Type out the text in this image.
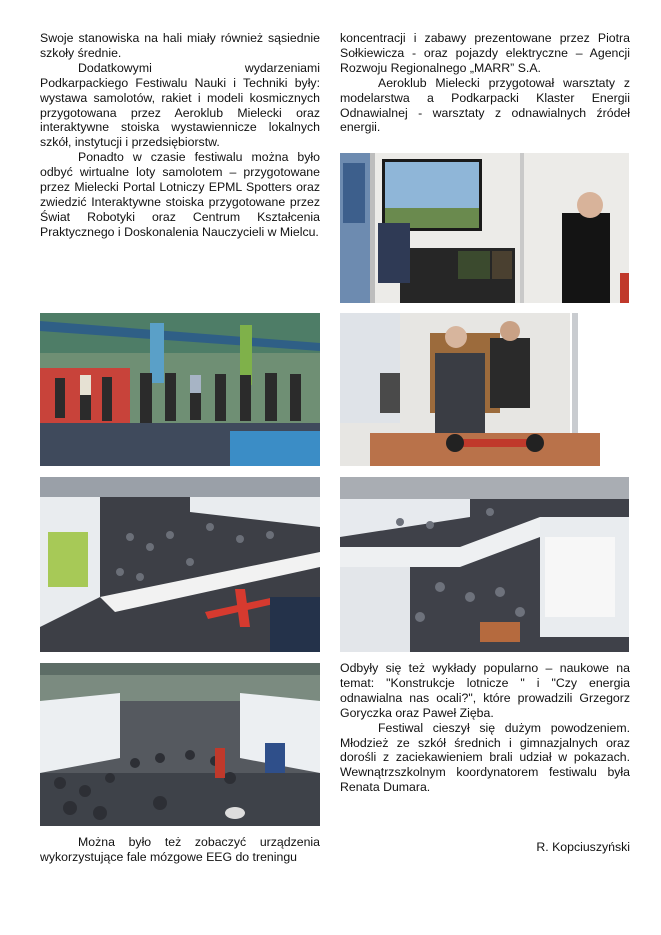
Swoje stanowiska na hali miały również sąsiednie szkoły średnie.

Dodatkowymi wydarzeniami Podkarpackiego Festiwalu Nauki i Techniki były: wystawa samolotów, rakiet i modeli kosmicznych przygotowana przez Aeroklub Mielecki oraz interaktywne stoiska wystawiennicze lokalnych szkół, instytucji i przedsiębiorstw.

Ponadto w czasie festiwalu można było odbyć wirtualne loty samolotem – przygotowane przez Mielecki Portal Lotniczy EPML Spotters oraz zwiedzić Interaktywne stoiska przygotowane przez Świat Robotyki oraz Centrum Kształcenia Praktycznego i Doskonalenia Nauczycieli w Mielcu.

koncentracji i zabawy prezentowane przez Piotra Sołkiewicza - oraz pojazdy elektryczne – Agencji Rozwoju Regionalnego „MARR” S.A.

Aeroklub Mielecki przygotował warsztaty z modelarstwa a Podkarpacki Klaster Energii Odnawialnej - warsztaty z odnawialnych źródeł energii.

Można było też zobaczyć urządzenia wykorzystujące fale mózgowe EEG do treningu

Odbyły się też wykłady popularno – naukowe na temat: "Konstrukcje lotnicze " i "Czy energia odnawialna nas ocali?", które prowadzili Grzegorz Goryczka oraz Paweł Zięba.

Festiwal cieszył się dużym powodzeniem. Młodzież ze szkół średnich i gimnazjalnych oraz dorośli z zaciekawieniem brali udział w pokazach. Wewnątrzszkolnym koordynatorem festiwalu była Renata Dumara.

R. Kopciuszyński
